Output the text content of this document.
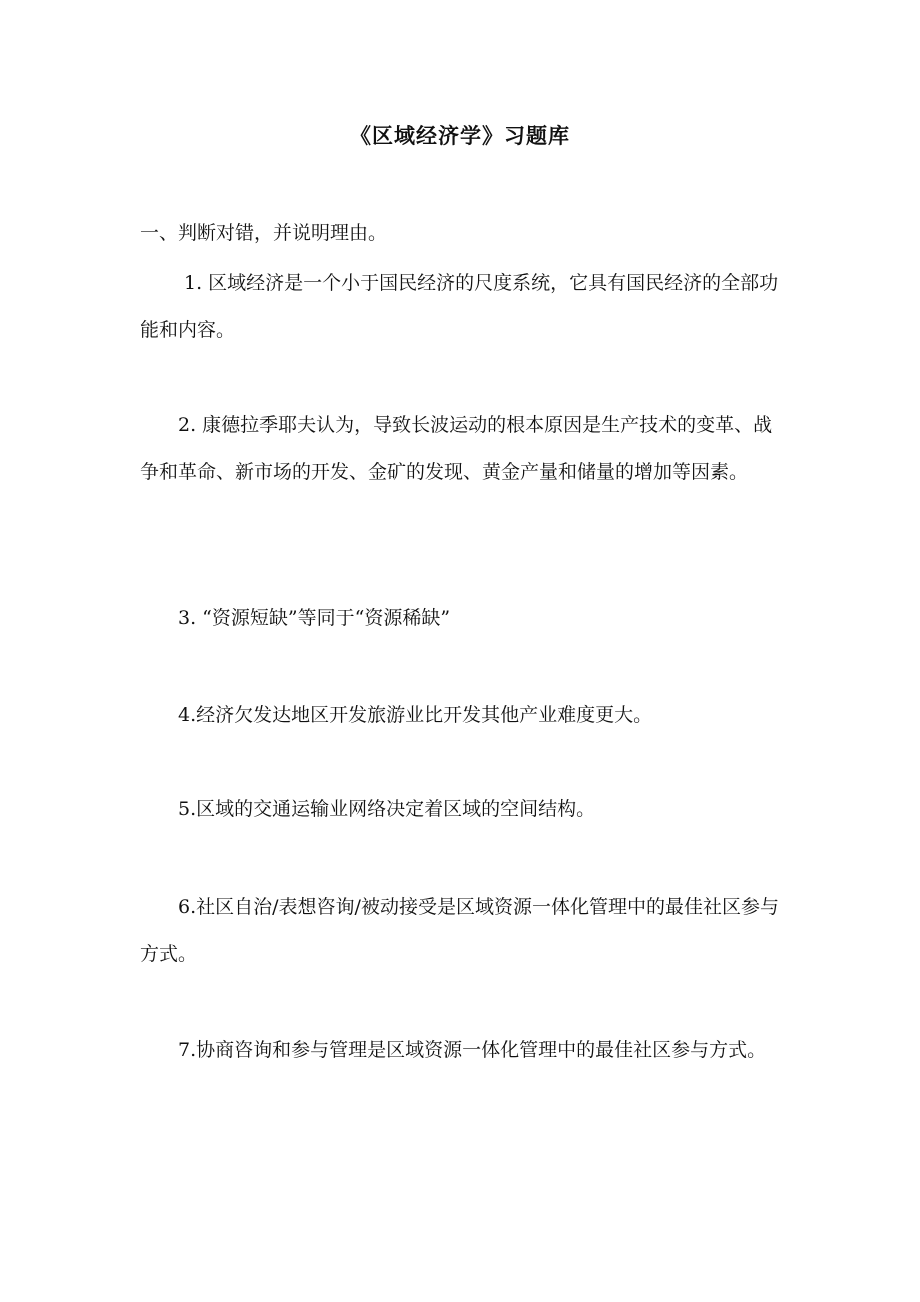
《区域经济学》习题库
一、判断对错，并说明理由。

1. 区域经济是一个小于国民经济的尺度系统，它具有国民经济的全部功能和内容。

2. 康德拉季耶夫认为，导致长波运动的根本原因是生产技术的变革、战争和革命、新市场的开发、金矿的发现、黄金产量和储量的增加等因素。

3. “资源短缺”等同于“资源稀缺”

4.经济欠发达地区开发旅游业比开发其他产业难度更大。

5.区域的交通运输业网络决定着区域的空间结构。

6.社区自治/表想咨询/被动接受是区域资源一体化管理中的最佳社区参与方式。

7.协商咨询和参与管理是区域资源一体化管理中的最佳社区参与方式。
